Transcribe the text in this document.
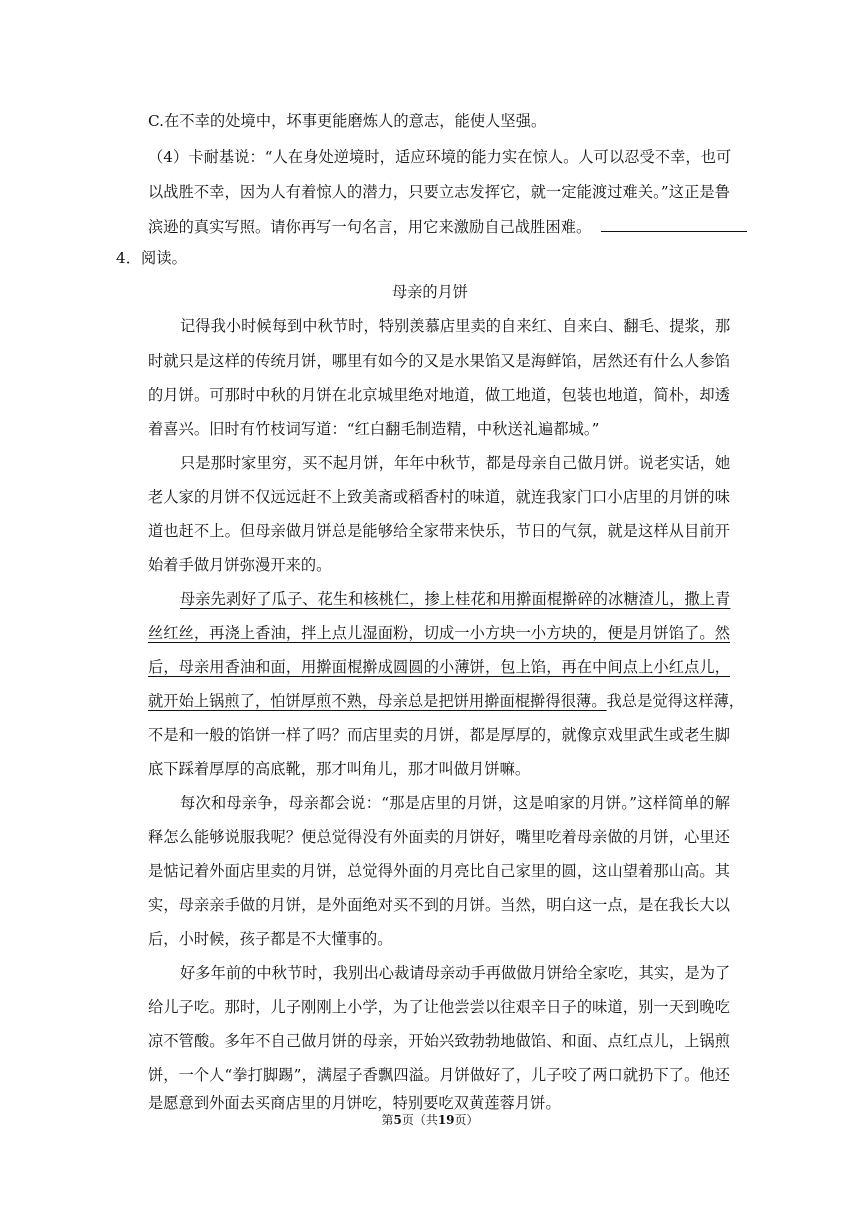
C.在不幸的处境中，坏事更能磨炼人的意志，能使人坚强。
（4）卡耐基说：“人在身处逆境时，适应环境的能力实在惊人。人可以忍受不幸，也可
以战胜不幸，因为人有着惊人的潜力，只要立志发挥它，就一定能渡过难关。”这正是鲁
滨逊的真实写照。请你再写一句名言，用它来激励自己战胜困难。
4．阅读。
母亲的月饼
记得我小时候每到中秋节时，特别羡慕店里卖的自来红、自来白、翻毛、提浆，那
时就只是这样的传统月饼，哪里有如今的又是水果馅又是海鲜馅，居然还有什么人参馅
的月饼。可那时中秋的月饼在北京城里绝对地道，做工地道，包装也地道，简朴，却透
着喜兴。旧时有竹枝词写道：“红白翻毛制造精，中秋送礼遍都城。”
只是那时家里穷，买不起月饼，年年中秋节，都是母亲自己做月饼。说老实话，她
老人家的月饼不仅远远赶不上致美斋或稻香村的味道，就连我家门口小店里的月饼的味
道也赶不上。但母亲做月饼总是能够给全家带来快乐，节日的气氛，就是这样从目前开
始着手做月饼弥漫开来的。
母亲先剥好了瓜子、花生和核桃仁，掺上桂花和用擀面棍擀碎的冰糖渣儿，撒上青
丝红丝，再浇上香油，拌上点儿湿面粉，切成一小方块一小方块的，便是月饼馅了。然
后，母亲用香油和面，用擀面棍擀成圆圆的小薄饼，包上馅，再在中间点上小红点儿，
就开始上锅煎了，怕饼厚煎不熟，母亲总是把饼用擀面棍擀得很薄。我总是觉得这样薄，
不是和一般的馅饼一样了吗？而店里卖的月饼，都是厚厚的，就像京戏里武生或老生脚
底下踩着厚厚的高底靴，那才叫角儿，那才叫做月饼嘛。
每次和母亲争，母亲都会说：“那是店里的月饼，这是咱家的月饼。”这样简单的解
释怎么能够说服我呢？便总觉得没有外面卖的月饼好，嘴里吃着母亲做的月饼，心里还
是惦记着外面店里卖的月饼，总觉得外面的月亮比自己家里的圆，这山望着那山高。其
实，母亲亲手做的月饼，是外面绝对买不到的月饼。当然，明白这一点，是在我长大以
后，小时候，孩子都是不大懂事的。
好多年前的中秋节时，我别出心裁请母亲动手再做做月饼给全家吃，其实，是为了
给儿子吃。那时，儿子刚刚上小学，为了让他尝尝以往艰辛日子的味道，别一天到晚吃
凉不管酸。多年不自己做月饼的母亲，开始兴致勃勃地做馅、和面、点红点儿，上锅煎
饼，一个人“拳打脚踢”，满屋子香飘四溢。月饼做好了，儿子咬了两口就扔下了。他还
是愿意到外面去买商店里的月饼吃，特别要吃双黄莲蓉月饼。
第5页（共19页）
